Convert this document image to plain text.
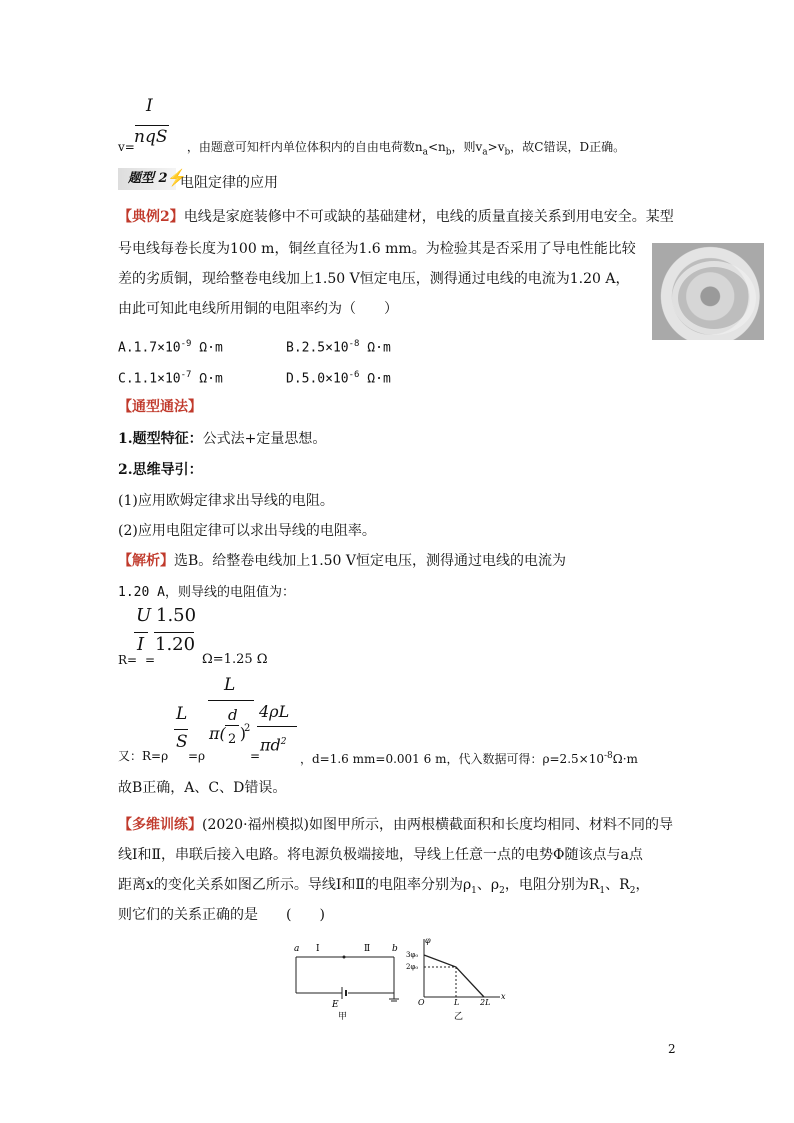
I
nqS
v=	，由题意可知杆内单位体积内的自由电荷数$n_a<n_b$，则$v_a>v_b$，故C错误，D正确。
题型 2 ⚡
电阻定律的应用
【典例2】电线是家庭装修中不可或缺的基础建材，电线的质量直接关系到用电安全。某型
号电线每卷长度为100 m，铜丝直径为1.6 mm。为检验其是否采用了导电性能比较
差的劣质铜，现给整卷电线加上1.50 V恒定电压，测得通过电线的电流为1.20 A，
由此可知此电线所用铜的电阻率约为（　　）
$A.1.7\times 10^{-9}$ Ω·m	$B.2.5\times 10^{-8}$ Ω·m
$C.1.1\times 10^{-7}$ Ω·m	$D.5.0\times 10^{-6}$ Ω·m
【通型通法】
1.题型特征：公式法+定量思想。
2.思维导引：
(1)应用欧姆定律求出导线的电阻。
(2)应用电阻定律可以求出导线的电阻率。
【解析】选B。给整卷电线加上1.50 V恒定电压，测得通过电线的电流为
1.20 A，则导线的电阻值为：
U
I
1.50
1.20
R= =	Ω=1.25 Ω
L
S
L
d
π( )
2
2
4ρL
$\pi d^2$
又：R=ρ =ρ	=	，d=1.6 mm=0.001 6 m，代入数据可得：$\rho=2.5\times 10^{-8}\Omega\cdot m$
故B正确，A、C、D错误。
【多维训练】(2020·福州模拟)如图甲所示，由两根横截面积和长度均相同、材料不同的导
线Ⅰ和Ⅱ，串联后接入电路。将电源负极端接地，导线上任意一点的电势Φ随该点与a点
距离x的变化关系如图乙所示。导线Ⅰ和Ⅱ的电阻率分别为$\rho_1$、$\rho_2$，电阻分别为$R_1$、$R_2$，
则它们的关系正确的是　　(　　)
a Ⅰ	Ⅱ b
E
甲
φ
3φ₀
2φ₀
O	L	2L
x
乙
2
